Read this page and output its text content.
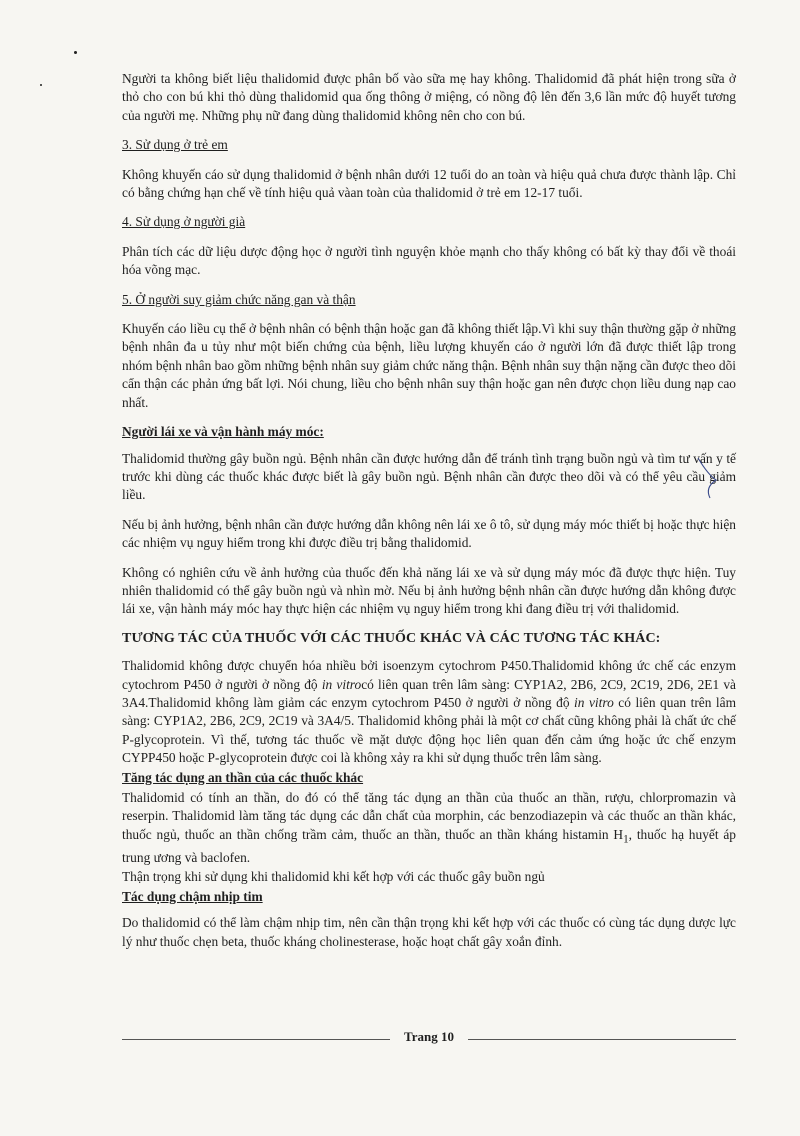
Người ta không biết liệu thalidomid được phân bố vào sữa mẹ hay không. Thalidomid đã phát hiện trong sữa ở thỏ cho con bú khi thỏ dùng thalidomid qua ống thông ở miệng, có nồng độ lên đến 3,6 lần mức độ huyết tương của người mẹ. Những phụ nữ đang dùng thalidomid không nên cho con bú.

3. Sử dụng ở trẻ em

Không khuyến cáo sử dụng thalidomid ở bệnh nhân dưới 12 tuổi do an toàn và hiệu quả chưa được thành lập. Chỉ có bằng chứng hạn chế về tính hiệu quả vàan toàn của thalidomid ở trẻ em 12-17 tuổi.

4. Sử dụng ở người già

Phân tích các dữ liệu dược động học ở người tình nguyện khỏe mạnh cho thấy không có bất kỳ thay đổi về thoái hóa võng mạc.

5. Ở người suy giảm chức năng gan và thận

Khuyến cáo liều cụ thể ở bệnh nhân có bệnh thận hoặc gan đã không thiết lập.Vì khi suy thận thường gặp ở những bệnh nhân đa u tủy như một biến chứng của bệnh, liều lượng khuyến cáo ở người lớn đã được thiết lập trong nhóm bệnh nhân bao gồm những bệnh nhân suy giảm chức năng thận. Bệnh nhân suy thận nặng cần được theo dõi cẩn thận các phản ứng bất lợi. Nói chung, liều cho bệnh nhân suy thận hoặc gan nên được chọn liều dung nạp cao nhất.

Người lái xe và vận hành máy móc:

Thalidomid thường gây buồn ngủ. Bệnh nhân cần được hướng dẫn để tránh tình trạng buồn ngủ và tìm tư vấn y tế trước khi dùng các thuốc khác được biết là gây buồn ngủ. Bệnh nhân cần được theo dõi và có thể yêu cầu giảm liều.

Nếu bị ảnh hưởng, bệnh nhân cần được hướng dẫn không nên lái xe ô tô, sử dụng máy móc thiết bị hoặc thực hiện các nhiệm vụ nguy hiểm trong khi được điều trị bằng thalidomid.

Không có nghiên cứu về ảnh hưởng của thuốc đến khả năng lái xe và sử dụng máy móc đã được thực hiện. Tuy nhiên thalidomid có thể gây buồn ngủ và nhìn mờ. Nếu bị ảnh hưởng bệnh nhân cần được hướng dẫn không được lái xe, vận hành máy móc hay thực hiện các nhiệm vụ nguy hiểm trong khi đang điều trị với thalidomid.

TƯƠNG TÁC CỦA THUỐC VỚI CÁC THUỐC KHÁC VÀ CÁC TƯƠNG TÁC KHÁC:

Thalidomid không được chuyển hóa nhiều bởi isoenzym cytochrom P450.Thalidomid không ức chế các enzym cytochrom P450 ở người ở nồng độ in vitrocó liên quan trên lâm sàng: CYP1A2, 2B6, 2C9, 2C19, 2D6, 2E1 và 3A4.Thalidomid không làm giảm các enzym cytochrom P450 ở người ở nồng độ in vitro có liên quan trên lâm sàng: CYP1A2, 2B6, 2C9, 2C19 và 3A4/5. Thalidomid không phải là một cơ chất cũng không phải là chất ức chế P-glycoprotein. Vì thế, tương tác thuốc về mặt dược động học liên quan đến cảm ứng hoặc ức chế enzym CYPP450 hoặc P-glycoprotein được coi là không xảy ra khi sử dụng thuốc trên lâm sàng.

Tăng tác dụng an thần của các thuốc khác

Thalidomid có tính an thần, do đó có thể tăng tác dụng an thần của thuốc an thần, rượu, chlorpromazin và reserpin. Thalidomid làm tăng tác dụng các dẫn chất của morphin, các benzodiazepin và các thuốc an thần khác, thuốc ngủ, thuốc an thần chống trầm cảm, thuốc an thần, thuốc an thần kháng histamin $H_1$, thuốc hạ huyết áp trung ương và baclofen.

Thận trọng khi sử dụng khi thalidomid khi kết hợp với các thuốc gây buồn ngủ

Tác dụng chậm nhịp tim

Do thalidomid có thể làm chậm nhịp tim, nên cần thận trọng khi kết hợp với các thuốc có cùng tác dụng dược lực lý như thuốc chẹn beta, thuốc kháng cholinesterase, hoặc hoạt chất gây xoắn đỉnh.

Trang 10
